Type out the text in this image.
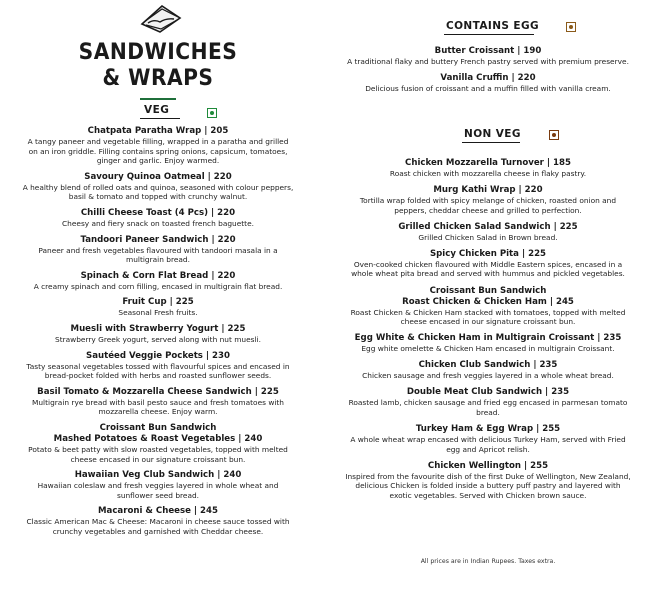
SANDWICHES
& WRAPS
VEG
Chatpata Paratha Wrap | 205
A tangy paneer and vegetable filling, wrapped in a paratha and grilled on an iron griddle. Filling contains spring onions, capsicum, tomatoes, ginger and garlic. Enjoy warmed.
Savoury Quinoa Oatmeal | 220
A healthy blend of rolled oats and quinoa, seasoned with colour peppers, basil & tomato and topped with crunchy walnut.
Chilli Cheese Toast (4 Pcs) | 220
Cheesy and fiery snack on toasted french baguette.
Tandoori Paneer Sandwich | 220
Paneer and fresh vegetables flavoured with tandoori masala in a multigrain bread.
Spinach & Corn Flat Bread | 220
A creamy spinach and corn filling, encased in multigrain flat bread.
Fruit Cup | 225
Seasonal Fresh fruits.
Muesli with Strawberry Yogurt | 225
Strawberry Greek yogurt, served along with nut muesli.
Sautéed Veggie Pockets | 230
Tasty seasonal vegetables tossed with flavourful spices and encased in bread-pocket folded with herbs and roasted sunflower seeds.
Basil Tomato & Mozzarella Cheese Sandwich | 225
Multigrain rye bread with basil pesto sauce and fresh tomatoes with mozzarella cheese. Enjoy warm.
Croissant Bun Sandwich
Mashed Potatoes & Roast Vegetables | 240
Potato & beet patty with slow roasted vegetables, topped with melted cheese encased in our signature croissant bun.
Hawaiian Veg Club Sandwich | 240
Hawaiian coleslaw and fresh veggies layered in whole wheat and sunflower seed bread.
Macaroni & Cheese | 245
Classic American Mac & Cheese: Macaroni in cheese sauce tossed with crunchy vegetables and garnished with Cheddar cheese.
CONTAINS EGG
Butter Croissant | 190
A traditional flaky and buttery French pastry served with premium preserve.
Vanilla Cruffin | 220
Delicious fusion of croissant and a muffin filled with vanilla cream.
NON VEG
Chicken Mozzarella Turnover | 185
Roast chicken with mozzarella cheese in flaky pastry.
Murg Kathi Wrap | 220
Tortilla wrap folded with spicy melange of chicken, roasted onion and peppers, cheddar cheese and grilled to perfection.
Grilled Chicken Salad Sandwich | 225
Grilled Chicken Salad in Brown bread.
Spicy Chicken Pita | 225
Oven-cooked chicken flavoured with Middle Eastern spices, encased in a whole wheat pita bread and served with hummus and pickled vegetables.
Croissant Bun Sandwich
Roast Chicken & Chicken Ham | 245
Roast Chicken & Chicken Ham stacked with tomatoes, topped with melted cheese encased in our signature croissant bun.
Egg White & Chicken Ham in Multigrain Croissant | 235
Egg white omelette & Chicken Ham encased in multigrain Croissant.
Chicken Club Sandwich | 235
Chicken sausage and fresh veggies layered in a whole wheat bread.
Double Meat Club Sandwich | 235
Roasted lamb, chicken sausage and fried egg encased in parmesan tomato bread.
Turkey Ham & Egg Wrap | 255
A whole wheat wrap encased with delicious Turkey Ham, served with Fried egg and Apricot relish.
Chicken Wellington | 255
Inspired from the favourite dish of the first Duke of Wellington, New Zealand, delicious Chicken is folded inside a buttery puff pastry and layered with exotic vegetables. Served with Chicken brown sauce.
All prices are in Indian Rupees. Taxes extra.
